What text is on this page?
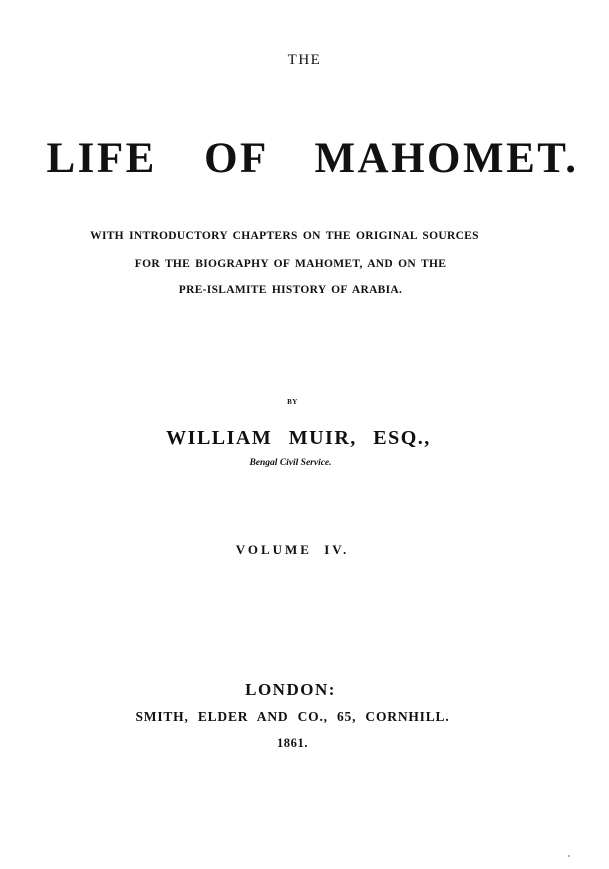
THE
LIFE OF MAHOMET.
WITH INTRODUCTORY CHAPTERS ON THE ORIGINAL SOURCES
FOR THE BIOGRAPHY OF MAHOMET, AND ON THE
PRE-ISLAMITE HISTORY OF ARABIA.
BY
WILLIAM MUIR, ESQ.,
Bengal Civil Service.
VOLUME IV.
LONDON:
SMITH, ELDER AND CO., 65, CORNHILL.
1861.
